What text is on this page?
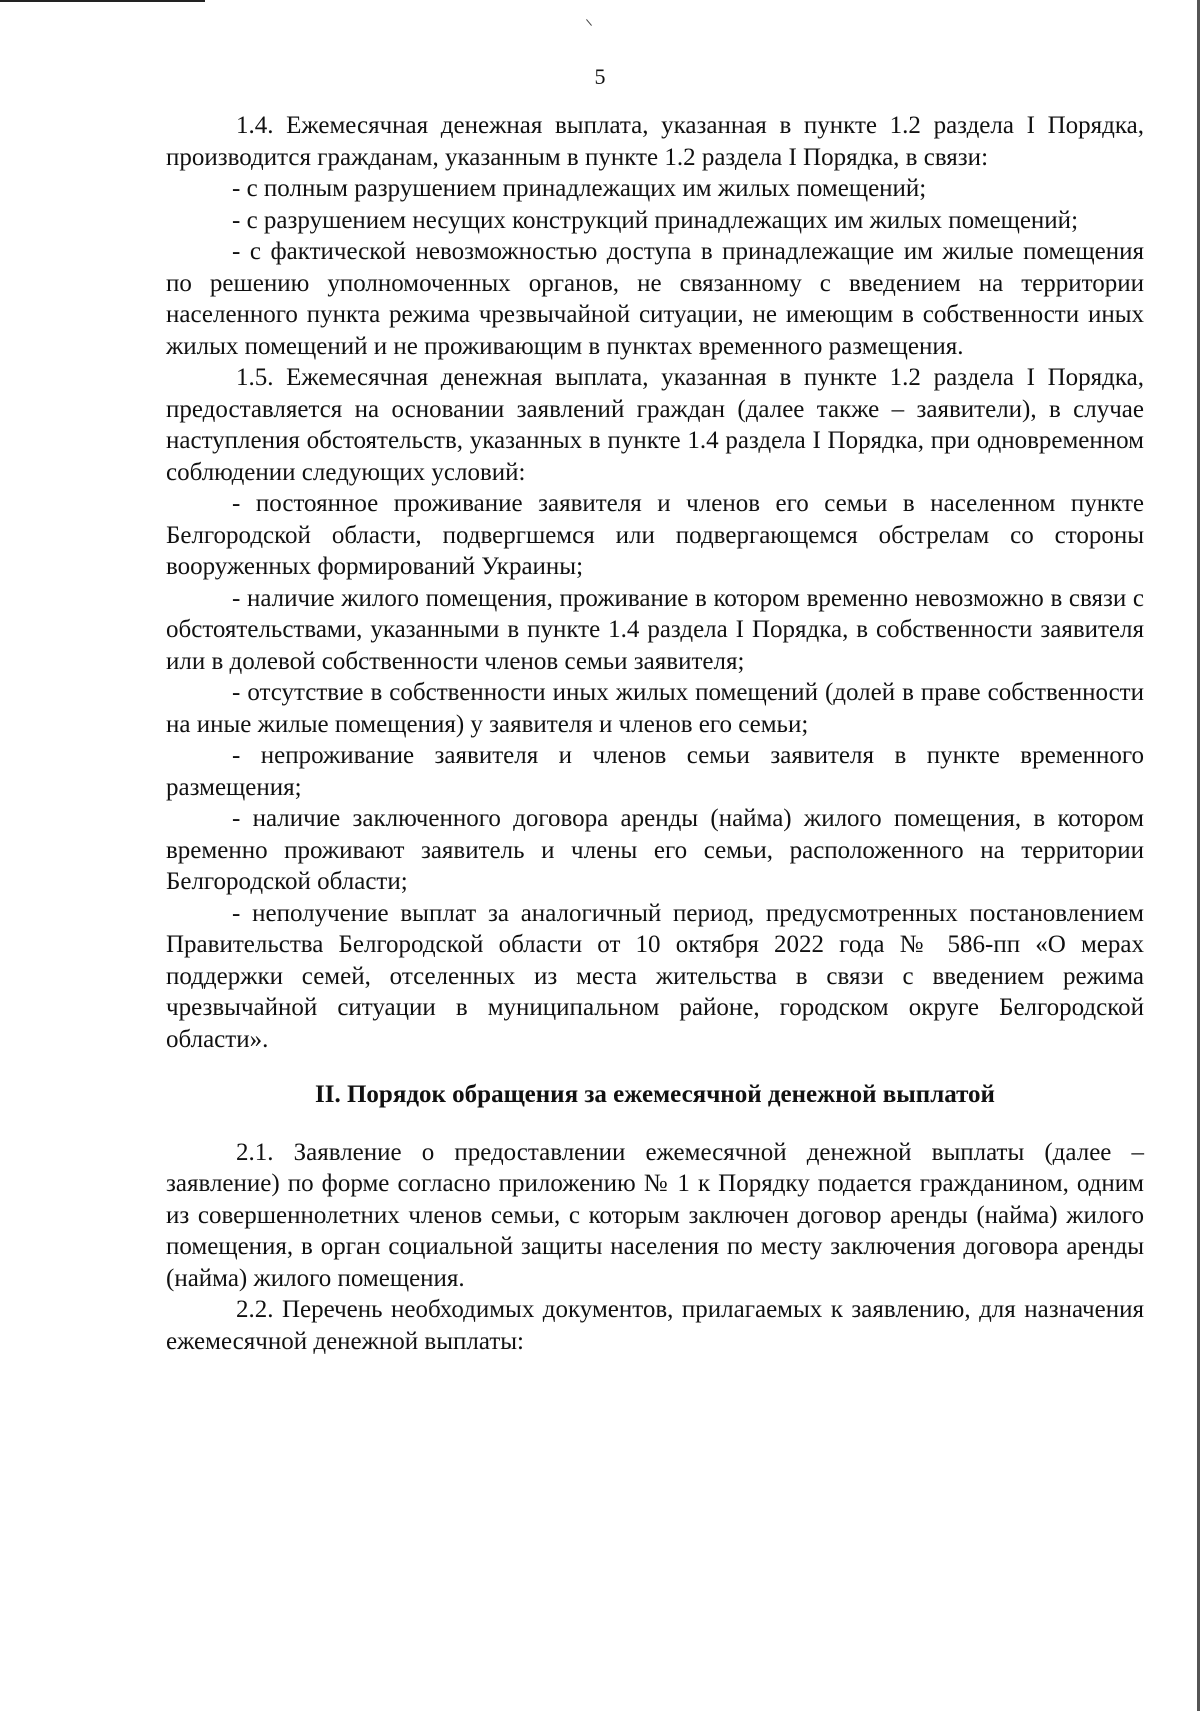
5

1.4. Ежемесячная денежная выплата, указанная в пункте 1.2 раздела I Порядка, производится гражданам, указанным в пункте 1.2 раздела I Порядка, в связи:

- с полным разрушением принадлежащих им жилых помещений;

- с разрушением несущих конструкций принадлежащих им жилых помещений;

- с фактической невозможностью доступа в принадлежащие им жилые помещения по решению уполномоченных органов, не связанному с введением на территории населенного пункта режима чрезвычайной ситуации, не имеющим в собственности иных жилых помещений и не проживающим в пунктах временного размещения.

1.5. Ежемесячная денежная выплата, указанная в пункте 1.2 раздела I Порядка, предоставляется на основании заявлений граждан (далее также – заявители), в случае наступления обстоятельств, указанных в пункте 1.4 раздела I Порядка, при одновременном соблюдении следующих условий:

- постоянное проживание заявителя и членов его семьи в населенном пункте Белгородской области, подвергшемся или подвергающемся обстрелам со стороны вооруженных формирований Украины;

- наличие жилого помещения, проживание в котором временно невозможно в связи с обстоятельствами, указанными в пункте 1.4 раздела I Порядка, в собственности заявителя или в долевой собственности членов семьи заявителя;

- отсутствие в собственности иных жилых помещений (долей в праве собственности на иные жилые помещения) у заявителя и членов его семьи;

- непроживание заявителя и членов семьи заявителя в пункте временного размещения;

- наличие заключенного договора аренды (найма) жилого помещения, в котором временно проживают заявитель и члены его семьи, расположенного на территории Белгородской области;

- неполучение выплат за аналогичный период, предусмотренных постановлением Правительства Белгородской области от 10 октября 2022 года № 586-пп «О мерах поддержки семей, отселенных из места жительства в связи с введением режима чрезвычайной ситуации в муниципальном районе, городском округе Белгородской области».

II. Порядок обращения за ежемесячной денежной выплатой

2.1. Заявление о предоставлении ежемесячной денежной выплаты (далее – заявление) по форме согласно приложению № 1 к Порядку подается гражданином, одним из совершеннолетних членов семьи, с которым заключен договор аренды (найма) жилого помещения, в орган социальной защиты населения по месту заключения договора аренды (найма) жилого помещения.

2.2. Перечень необходимых документов, прилагаемых к заявлению, для назначения ежемесячной денежной выплаты:
